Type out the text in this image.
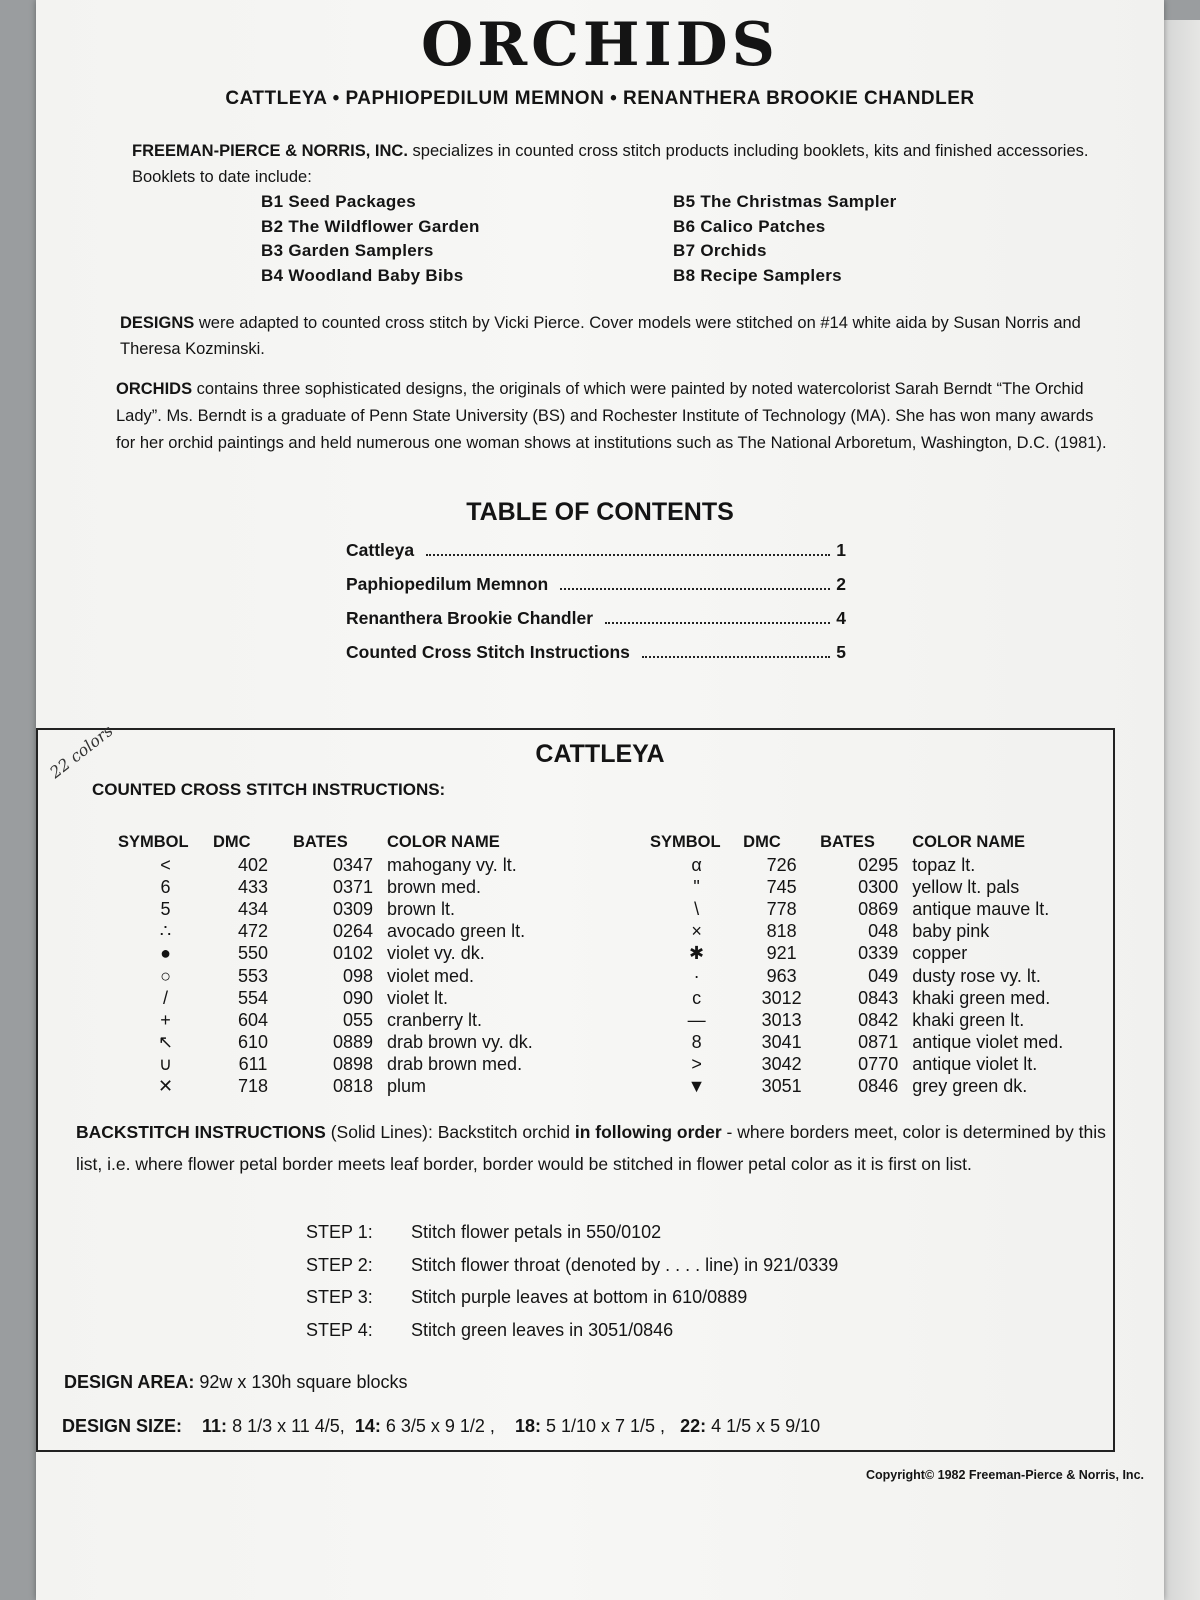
ORCHIDS
CATTLEYA • PAPHIOPEDILUM MEMNON • RENANTHERA BROOKIE CHANDLER
FREEMAN-PIERCE & NORRIS, INC. specializes in counted cross stitch products including booklets, kits and finished accessories. Booklets to date include:
B1 Seed Packages
B2 The Wildflower Garden
B3 Garden Samplers
B4 Woodland Baby Bibs
B5 The Christmas Sampler
B6 Calico Patches
B7 Orchids
B8 Recipe Samplers
DESIGNS were adapted to counted cross stitch by Vicki Pierce. Cover models were stitched on #14 white aida by Susan Norris and Theresa Kozminski.
ORCHIDS contains three sophisticated designs, the originals of which were painted by noted watercolorist Sarah Berndt “The Orchid Lady”. Ms. Berndt is a graduate of Penn State University (BS) and Rochester Institute of Technology (MA). She has won many awards for her orchid paintings and held numerous one woman shows at institutions such as The National Arboretum, Washington, D.C. (1981).
TABLE OF CONTENTS
Cattleya	1
Paphiopedilum Memnon	2
Renanthera Brookie Chandler	4
Counted Cross Stitch Instructions	5
22 colors	CATTLEYA
COUNTED CROSS STITCH INSTRUCTIONS:
SYMBOL	DMC	BATES	COLOR NAME
<	402	0347	mahogany vy. lt.
6	433	0371	brown med.
5	434	0309	brown lt.
∴	472	0264	avocado green lt.
●	550	0102	violet vy. dk.
○	553	098	violet med.
/	554	090	violet lt.
+	604	055	cranberry lt.
↖	610	0889	drab brown vy. dk.
∪	611	0898	drab brown med.
✕	718	0818	plum
SYMBOL	DMC	BATES	COLOR NAME
α	726	0295	topaz lt.
"	745	0300	yellow lt. pals
\	778	0869	antique mauve lt.
×	818	048	baby pink
✱	921	0339	copper
·	963	049	dusty rose vy. lt.
c	3012	0843	khaki green med.
—	3013	0842	khaki green lt.
8	3041	0871	antique violet med.
>	3042	0770	antique violet lt.
▼	3051	0846	grey green dk.
BACKSTITCH INSTRUCTIONS (Solid Lines): Backstitch orchid in following order - where borders meet, color is determined by this list, i.e. where flower petal border meets leaf border, border would be stitched in flower petal color as it is first on list.
STEP 1:	Stitch flower petals in 550/0102
STEP 2:	Stitch flower throat (denoted by . . . . line) in 921/0339
STEP 3:	Stitch purple leaves at bottom in 610/0889
STEP 4:	Stitch green leaves in 3051/0846
DESIGN AREA: 92w x 130h square blocks
DESIGN SIZE: 11: 8 1/3 x 11 4/5, 14: 6 3/5 x 9 1/2 , 18: 5 1/10 x 7 1/5 , 22: 4 1/5 x 5 9/10
Copyright© 1982 Freeman-Pierce & Norris, Inc.
